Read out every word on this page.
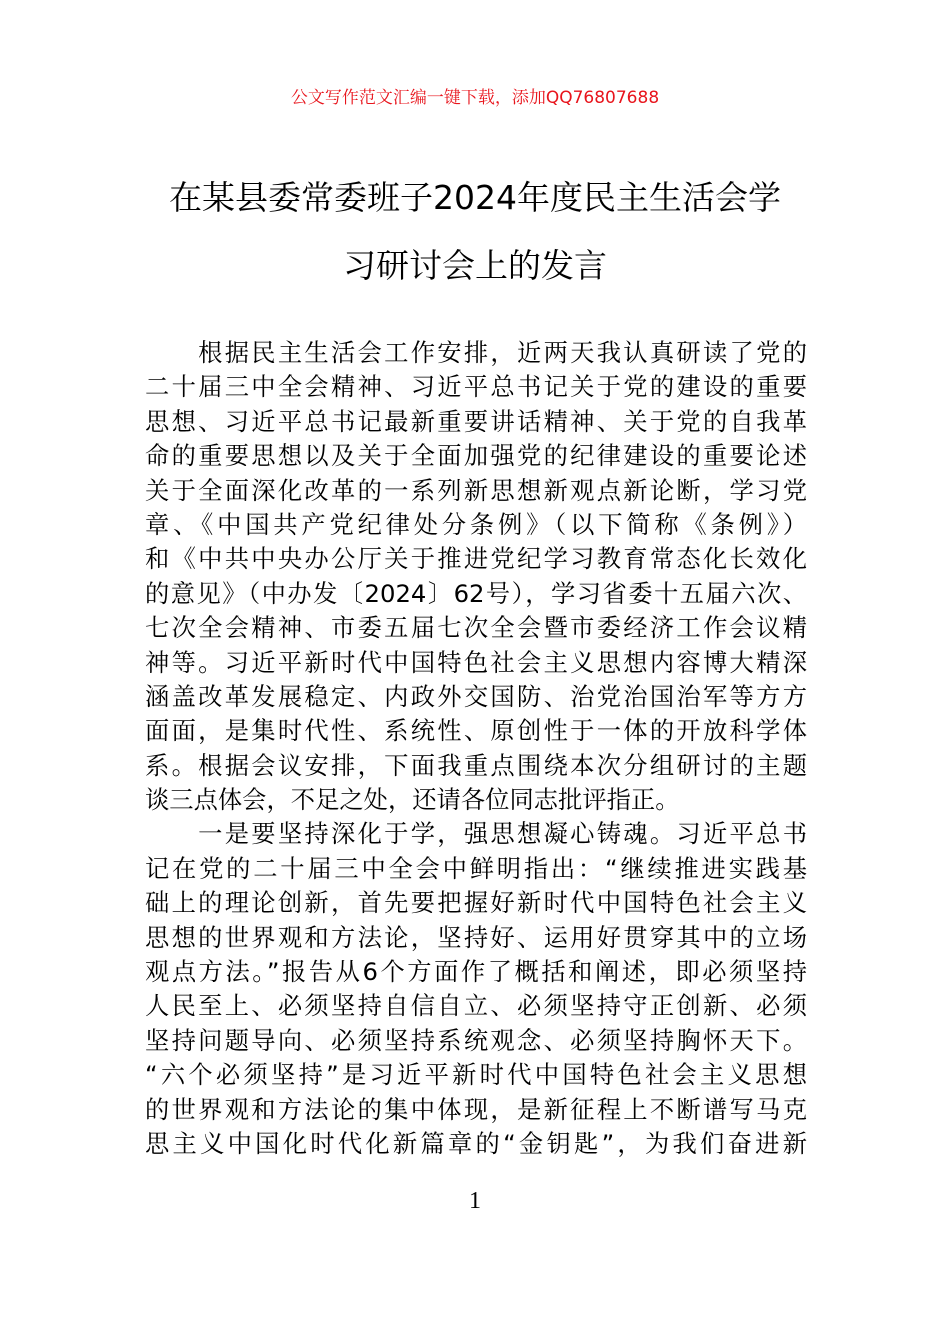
公文写作范文汇编一键下载，添加QQ76807688
在某县委常委班子2024年度民主生活会学
习研讨会上的发言
　　根据民主生活会工作安排，近两天我认真研读了党的
二十届三中全会精神、习近平总书记关于党的建设的重要
思想、习近平总书记最新重要讲话精神、关于党的自我革
命的重要思想以及关于全面加强党的纪律建设的重要论述
关于全面深化改革的一系列新思想新观点新论断，学习党
章、《中国共产党纪律处分条例》（以下简称《条例》）
和《中共中央办公厅关于推进党纪学习教育常态化长效化
的意见》（中办发〔2024〕62号），学习省委十五届六次、
七次全会精神、市委五届七次全会暨市委经济工作会议精
神等。习近平新时代中国特色社会主义思想内容博大精深
涵盖改革发展稳定、内政外交国防、治党治国治军等方方
面面，是集时代性、系统性、原创性于一体的开放科学体
系。根据会议安排，下面我重点围绕本次分组研讨的主题
谈三点体会，不足之处，还请各位同志批评指正。
　　一是要坚持深化于学，强思想凝心铸魂。习近平总书
记在党的二十届三中全会中鲜明指出：“继续推进实践基
础上的理论创新，首先要把握好新时代中国特色社会主义
思想的世界观和方法论，坚持好、运用好贯穿其中的立场
观点方法。”报告从6个方面作了概括和阐述，即必须坚持
人民至上、必须坚持自信自立、必须坚持守正创新、必须
坚持问题导向、必须坚持系统观念、必须坚持胸怀天下。
“六个必须坚持”是习近平新时代中国特色社会主义思想
的世界观和方法论的集中体现，是新征程上不断谱写马克
思主义中国化时代化新篇章的“金钥匙”，为我们奋进新
1
